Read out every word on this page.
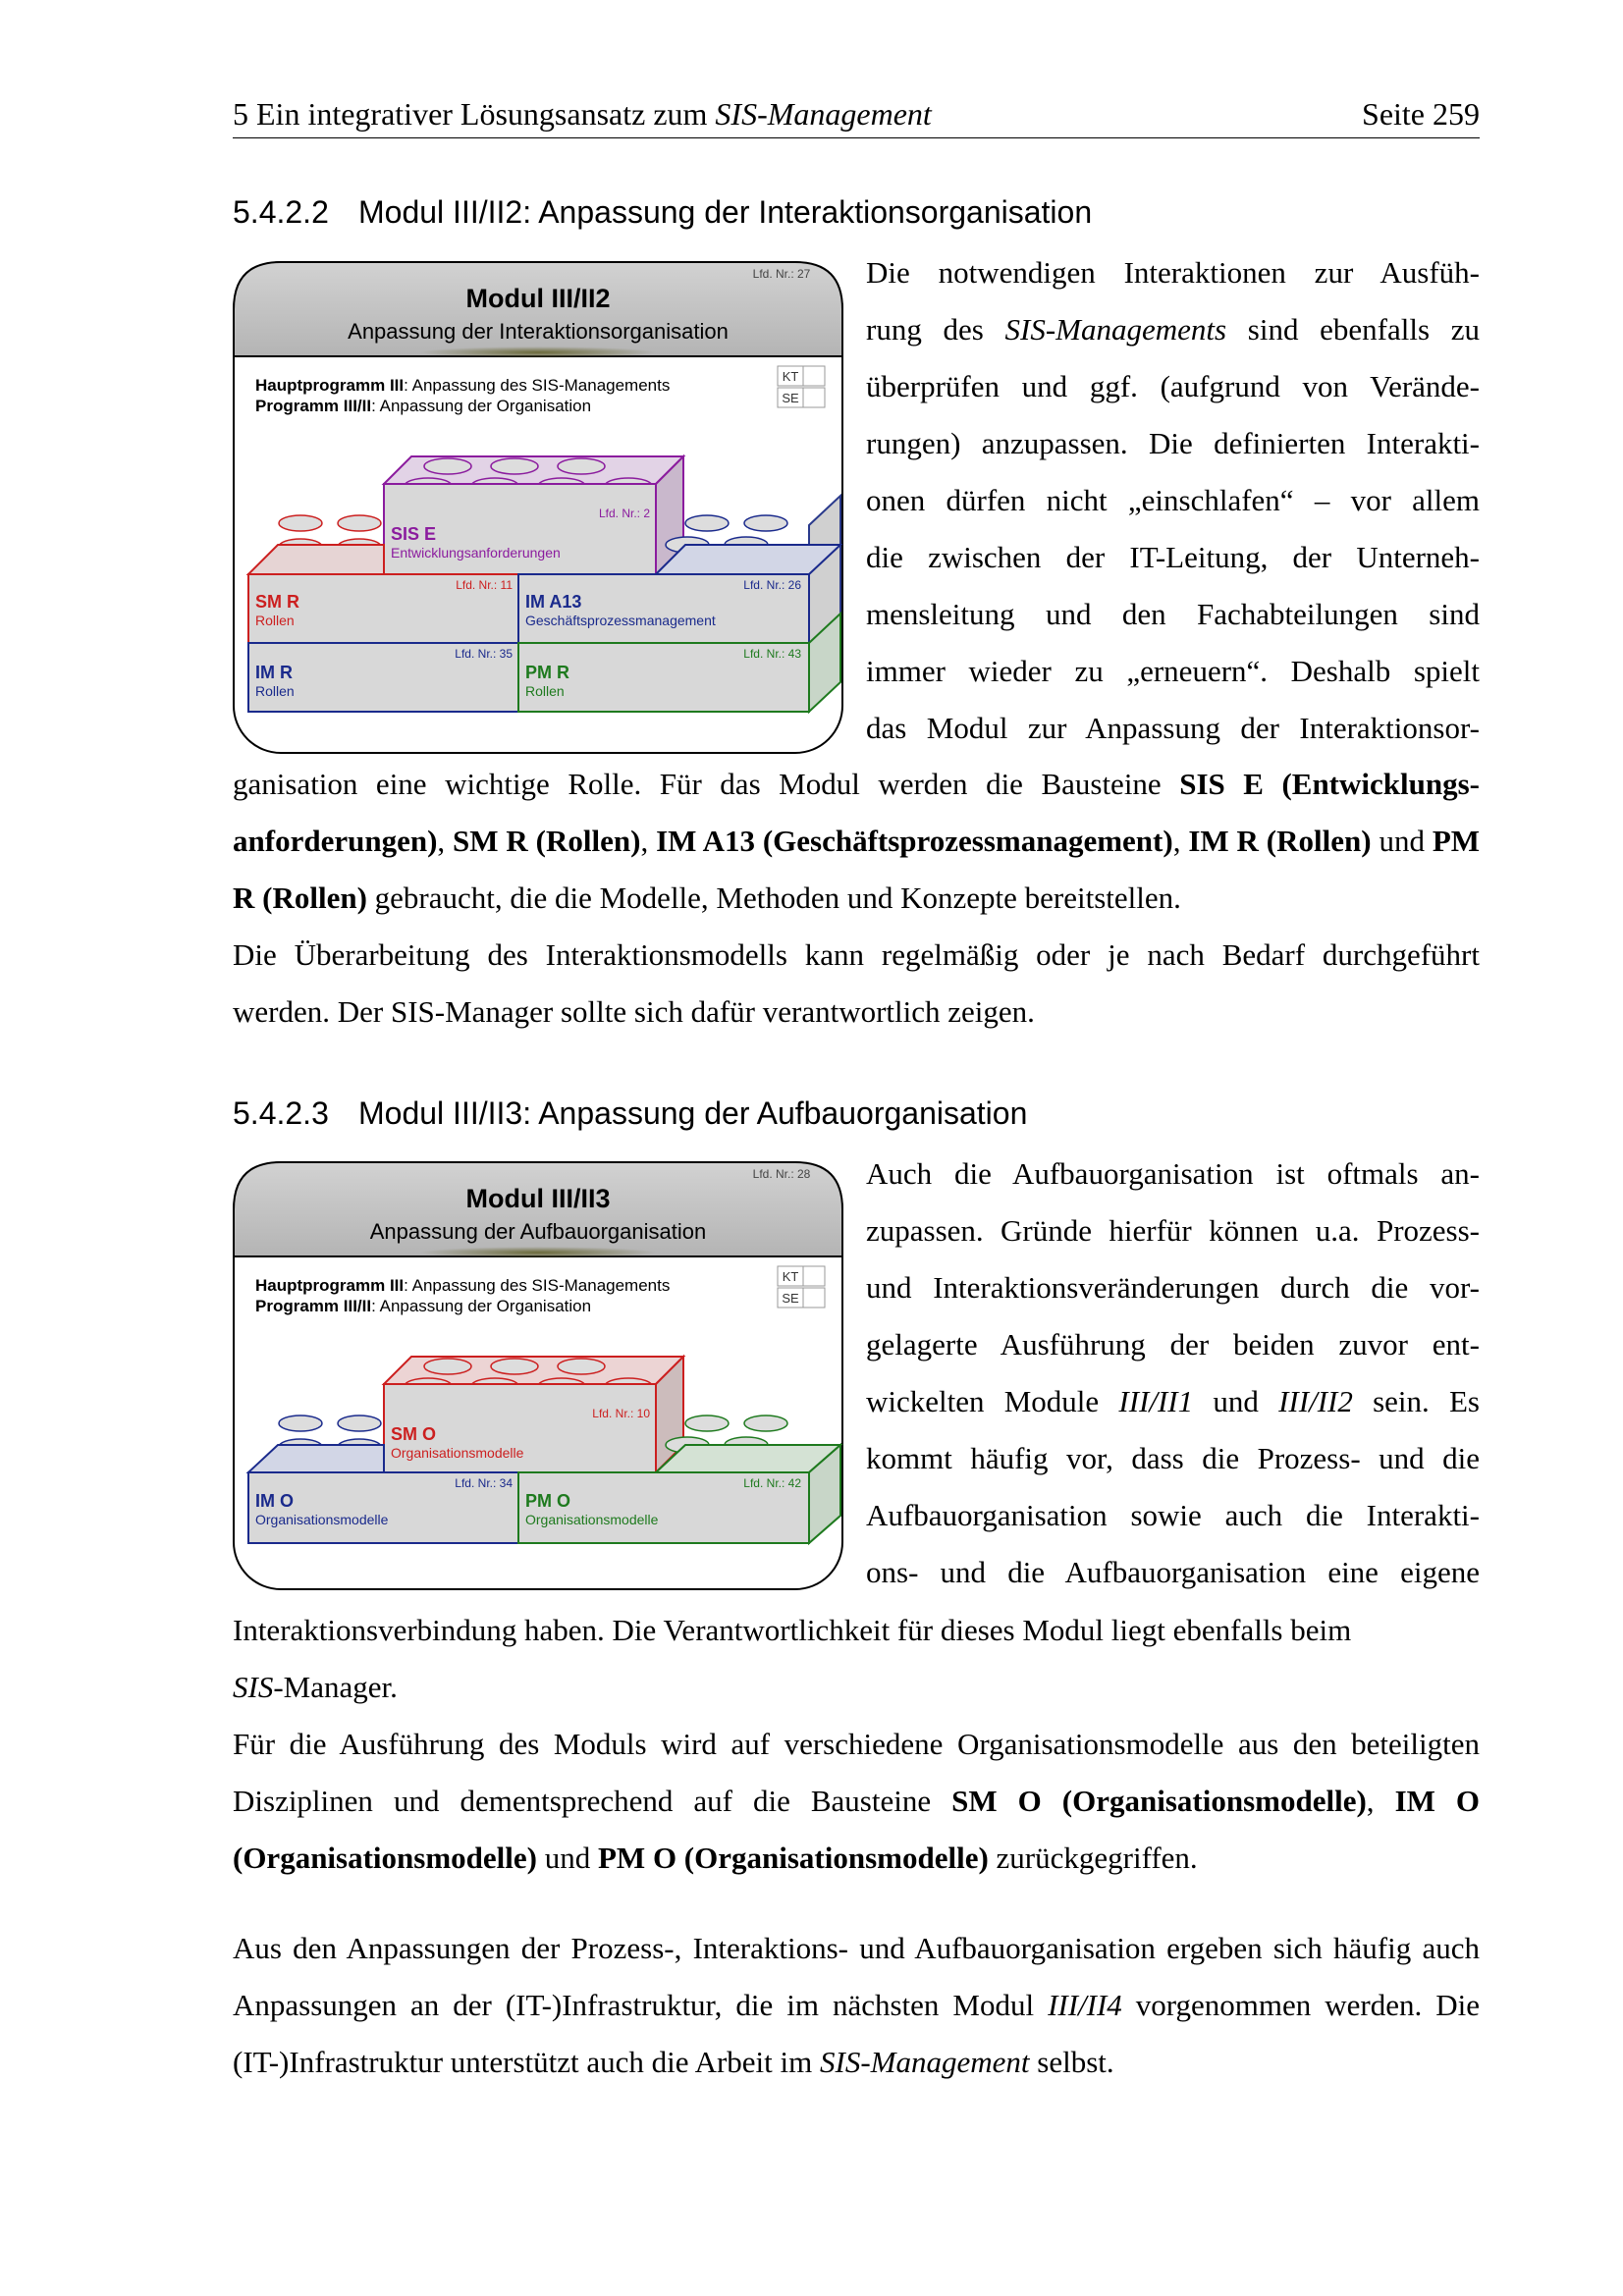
5 Ein integrativer Lösungsansatz zum SIS-Management	Seite 259
5.4.2.2 Modul III/II2: Anpassung der Interaktionsorganisation
Lfd. Nr.: 27
Modul III/II2
Anpassung der Interaktionsorganisation
Hauptprogramm III: Anpassung des SIS-Managements
Programm III/II: Anpassung der Organisation
KT
SE
Lfd. Nr.: 2
SIS E
Entwicklungsanforderungen
Lfd. Nr.: 11
SM R
Rollen
Lfd. Nr.: 26
IM A13
Geschäftsprozessmanagement
Lfd. Nr.: 35
IM R
Rollen
Lfd. Nr.: 43
PM R
Rollen
Die notwendigen Interaktionen zur Ausfüh-
rung des SIS-Managements sind ebenfalls zu
überprüfen und ggf. (aufgrund von Verände-
rungen) anzupassen. Die definierten Interakti-
onen dürfen nicht „einschlafen“ – vor allem
die zwischen der IT-Leitung, der Unterneh-
mensleitung und den Fachabteilungen sind
immer wieder zu „erneuern“. Deshalb spielt
das Modul zur Anpassung der Interaktionsor-

ganisation eine wichtige Rolle. Für das Modul werden die Bausteine SIS E (Entwicklungs-anforderungen), SM R (Rollen), IM A13 (Geschäftsprozessmanagement), IM R (Rollen) und PM R (Rollen) gebraucht, die die Modelle, Methoden und Konzepte bereitstellen.

Die Überarbeitung des Interaktionsmodells kann regelmäßig oder je nach Bedarf durchgeführt werden. Der SIS-Manager sollte sich dafür verantwortlich zeigen.

5.4.2.3 Modul III/II3: Anpassung der Aufbauorganisation
Lfd. Nr.: 28
Modul III/II3
Anpassung der Aufbauorganisation
Hauptprogramm III: Anpassung des SIS-Managements
Programm III/II: Anpassung der Organisation
KT
SE
Lfd. Nr.: 10
SM O
Organisationsmodelle
Lfd. Nr.: 34
IM O
Organisationsmodelle
Lfd. Nr.: 42
PM O
Organisationsmodelle
Auch die Aufbauorganisation ist oftmals an-
zupassen. Gründe hierfür können u.a. Prozess-
und Interaktionsveränderungen durch die vor-
gelagerte Ausführung der beiden zuvor ent-
wickelten Module III/II1 und III/II2 sein. Es
kommt häufig vor, dass die Prozess- und die
Aufbauorganisation sowie auch die Interakti-
ons- und die Aufbauorganisation eine eigene

Interaktionsverbindung haben. Die Verantwortlichkeit für dieses Modul liegt ebenfalls beim
SIS-Manager.

Für die Ausführung des Moduls wird auf verschiedene Organisationsmodelle aus den beteiligten Disziplinen und dementsprechend auf die Bausteine SM O (Organisationsmodelle), IM O (Organisationsmodelle) und PM O (Organisationsmodelle) zurückgegriffen.

Aus den Anpassungen der Prozess-, Interaktions- und Aufbauorganisation ergeben sich häufig auch Anpassungen an der (IT-)Infrastruktur, die im nächsten Modul III/II4 vorgenommen werden. Die (IT-)Infrastruktur unterstützt auch die Arbeit im SIS-Management selbst.
